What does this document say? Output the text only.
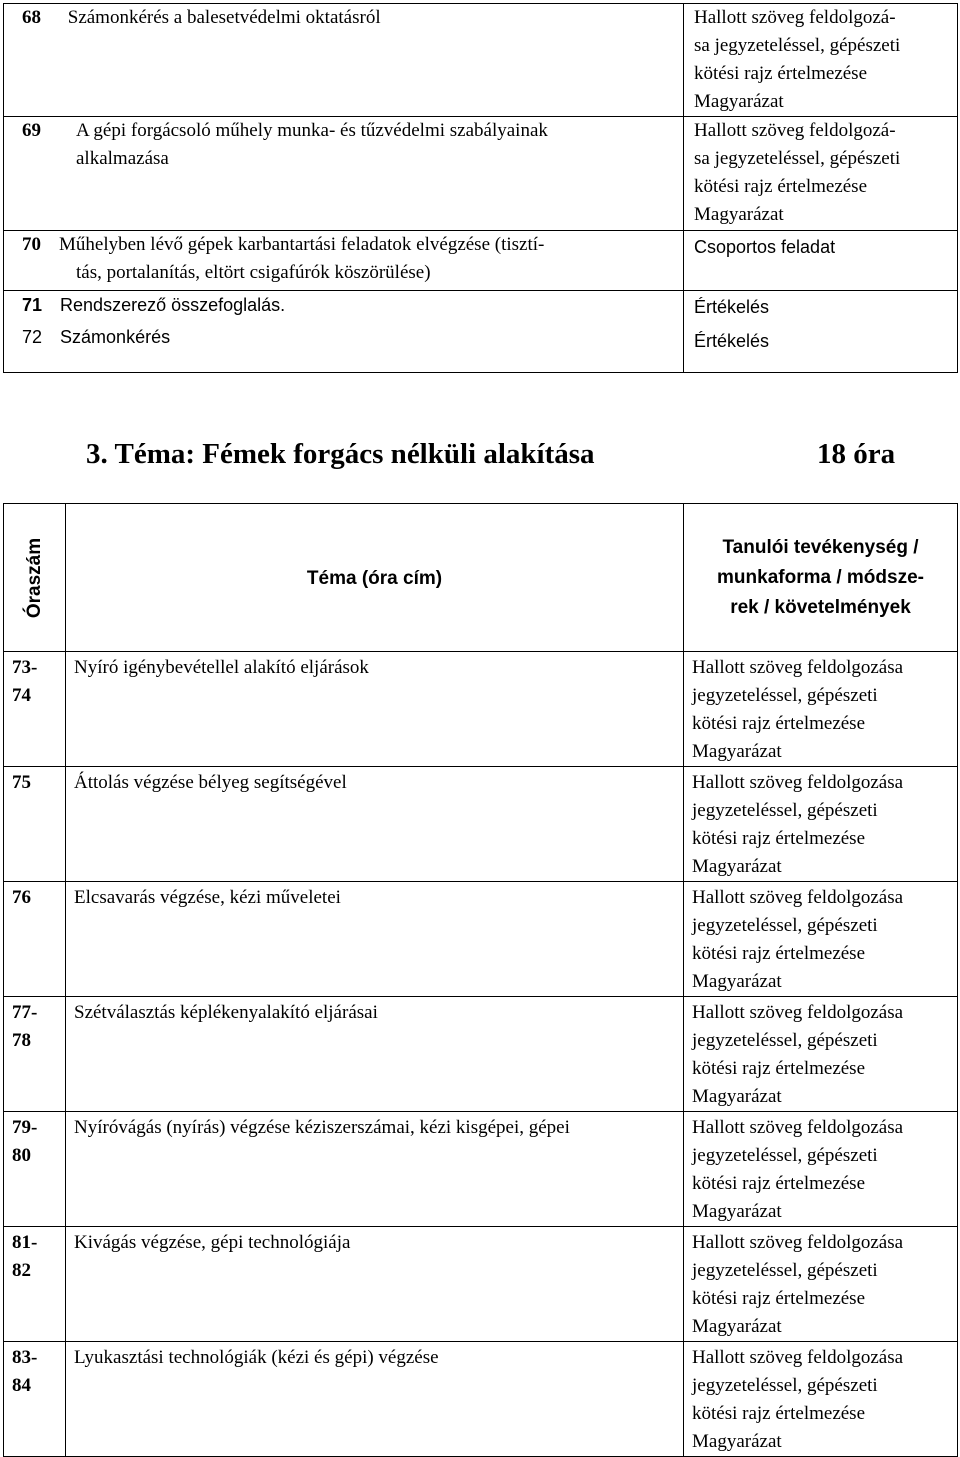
68 Számonkérés a balesetvédelmi oktatásról	Hallott szöveg feldolgozá-
sa jegyzeteléssel, gépészeti
kötési rajz értelmezése
Magyarázat

69 A gépi forgácsoló műhely munka- és tűzvédelmi szabályainak
alkalmazása	Hallott szöveg feldolgozá-
sa jegyzeteléssel, gépészeti
kötési rajz értelmezése
Magyarázat

70 Műhelyben lévő gépek karbantartási feladatok elvégzése (tisztí-
tás, portalanítás, eltört csigafúrók köszörülése)	Csoportos feladat

71 Rendszerező összefoglalás.	Értékelés

72 Számonkérés	Értékelés
3. Téma: Fémek forgács nélküli alakítása	18 óra
Óraszám	Téma (óra cím)	Tanulói tevékenység /
munkaforma / módsze-
rek / követelmények

73-
74	Nyíró igénybevétellel alakító eljárások	Hallott szöveg feldolgozása
jegyzeteléssel, gépészeti
kötési rajz értelmezése
Magyarázat

75	Áttolás végzése bélyeg segítségével	Hallott szöveg feldolgozása
jegyzeteléssel, gépészeti
kötési rajz értelmezése
Magyarázat

76	Elcsavarás végzése, kézi műveletei	Hallott szöveg feldolgozása
jegyzeteléssel, gépészeti
kötési rajz értelmezése
Magyarázat

77-
78	Szétválasztás képlékenyalakító eljárásai	Hallott szöveg feldolgozása
jegyzeteléssel, gépészeti
kötési rajz értelmezése
Magyarázat

79-
80	Nyíróvágás (nyírás) végzése kéziszerszámai, kézi kisgépei, gépei	Hallott szöveg feldolgozása
jegyzeteléssel, gépészeti
kötési rajz értelmezése
Magyarázat

81-
82	Kivágás végzése, gépi technológiája	Hallott szöveg feldolgozása
jegyzeteléssel, gépészeti
kötési rajz értelmezése
Magyarázat

83-
84	Lyukasztási technológiák (kézi és gépi) végzése	Hallott szöveg feldolgozása
jegyzeteléssel, gépészeti
kötési rajz értelmezése
Magyarázat
